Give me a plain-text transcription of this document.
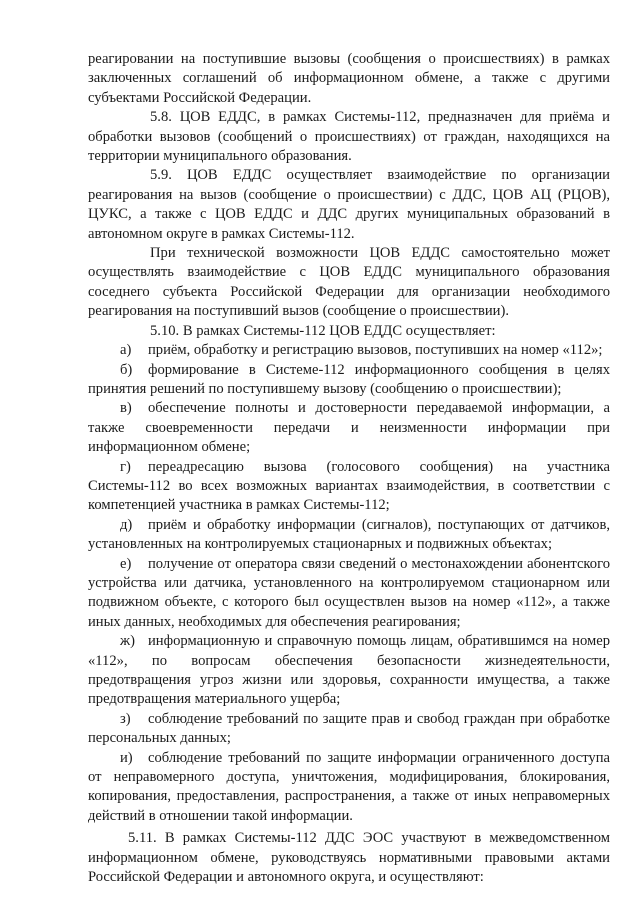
реагировании на поступившие вызовы (сообщения о происшествиях) в рамках заключенных соглашений об информационном обмене, а также с другими субъектами Российской Федерации.

5.8. ЦОВ ЕДДС, в рамках Системы-112, предназначен для приёма и обработки вызовов (сообщений о происшествиях) от граждан, находящихся на территории муниципального образования.

5.9. ЦОВ ЕДДС осуществляет взаимодействие по организации реагирования на вызов (сообщение о происшествии) с ДДС, ЦОВ АЦ (РЦОВ), ЦУКС, а также с ЦОВ ЕДДС и ДДС других муниципальных образований в автономном округе в рамках Системы-112.

При технической возможности ЦОВ ЕДДС самостоятельно может осуществлять взаимодействие с ЦОВ ЕДДС муниципального образования соседнего субъекта Российской Федерации для организации необходимого реагирования на поступивший вызов (сообщение о происшествии).

5.10. В рамках Системы-112 ЦОВ ЕДДС осуществляет:

а) приём, обработку и регистрацию вызовов, поступивших на номер «112»;

б) формирование в Системе-112 информационного сообщения в целях принятия решений по поступившему вызову (сообщению о происшествии);

в) обеспечение полноты и достоверности передаваемой информации, а также своевременности передачи и неизменности информации при информационном обмене;

г) переадресацию вызова (голосового сообщения) на участника Системы-112 во всех возможных вариантах взаимодействия, в соответствии с компетенцией участника в рамках Системы-112;

д) приём и обработку информации (сигналов), поступающих от датчиков, установленных на контролируемых стационарных и подвижных объектах;

е) получение от оператора связи сведений о местонахождении абонентского устройства или датчика, установленного на контролируемом стационарном или подвижном объекте, с которого был осуществлен вызов на номер «112», а также иных данных, необходимых для обеспечения реагирования;

ж) информационную и справочную помощь лицам, обратившимся на номер «112», по вопросам обеспечения безопасности жизнедеятельности, предотвращения угроз жизни или здоровья, сохранности имущества, а также предотвращения материального ущерба;

з) соблюдение требований по защите прав и свобод граждан при обработке персональных данных;

и) соблюдение требований по защите информации ограниченного доступа от неправомерного доступа, уничтожения, модифицирования, блокирования, копирования, предоставления, распространения, а также от иных неправомерных действий в отношении такой информации.

5.11. В рамках Системы-112 ДДС ЭОС участвуют в межведомственном информационном обмене, руководствуясь нормативными правовыми актами Российской Федерации и автономного округа, и осуществляют:
